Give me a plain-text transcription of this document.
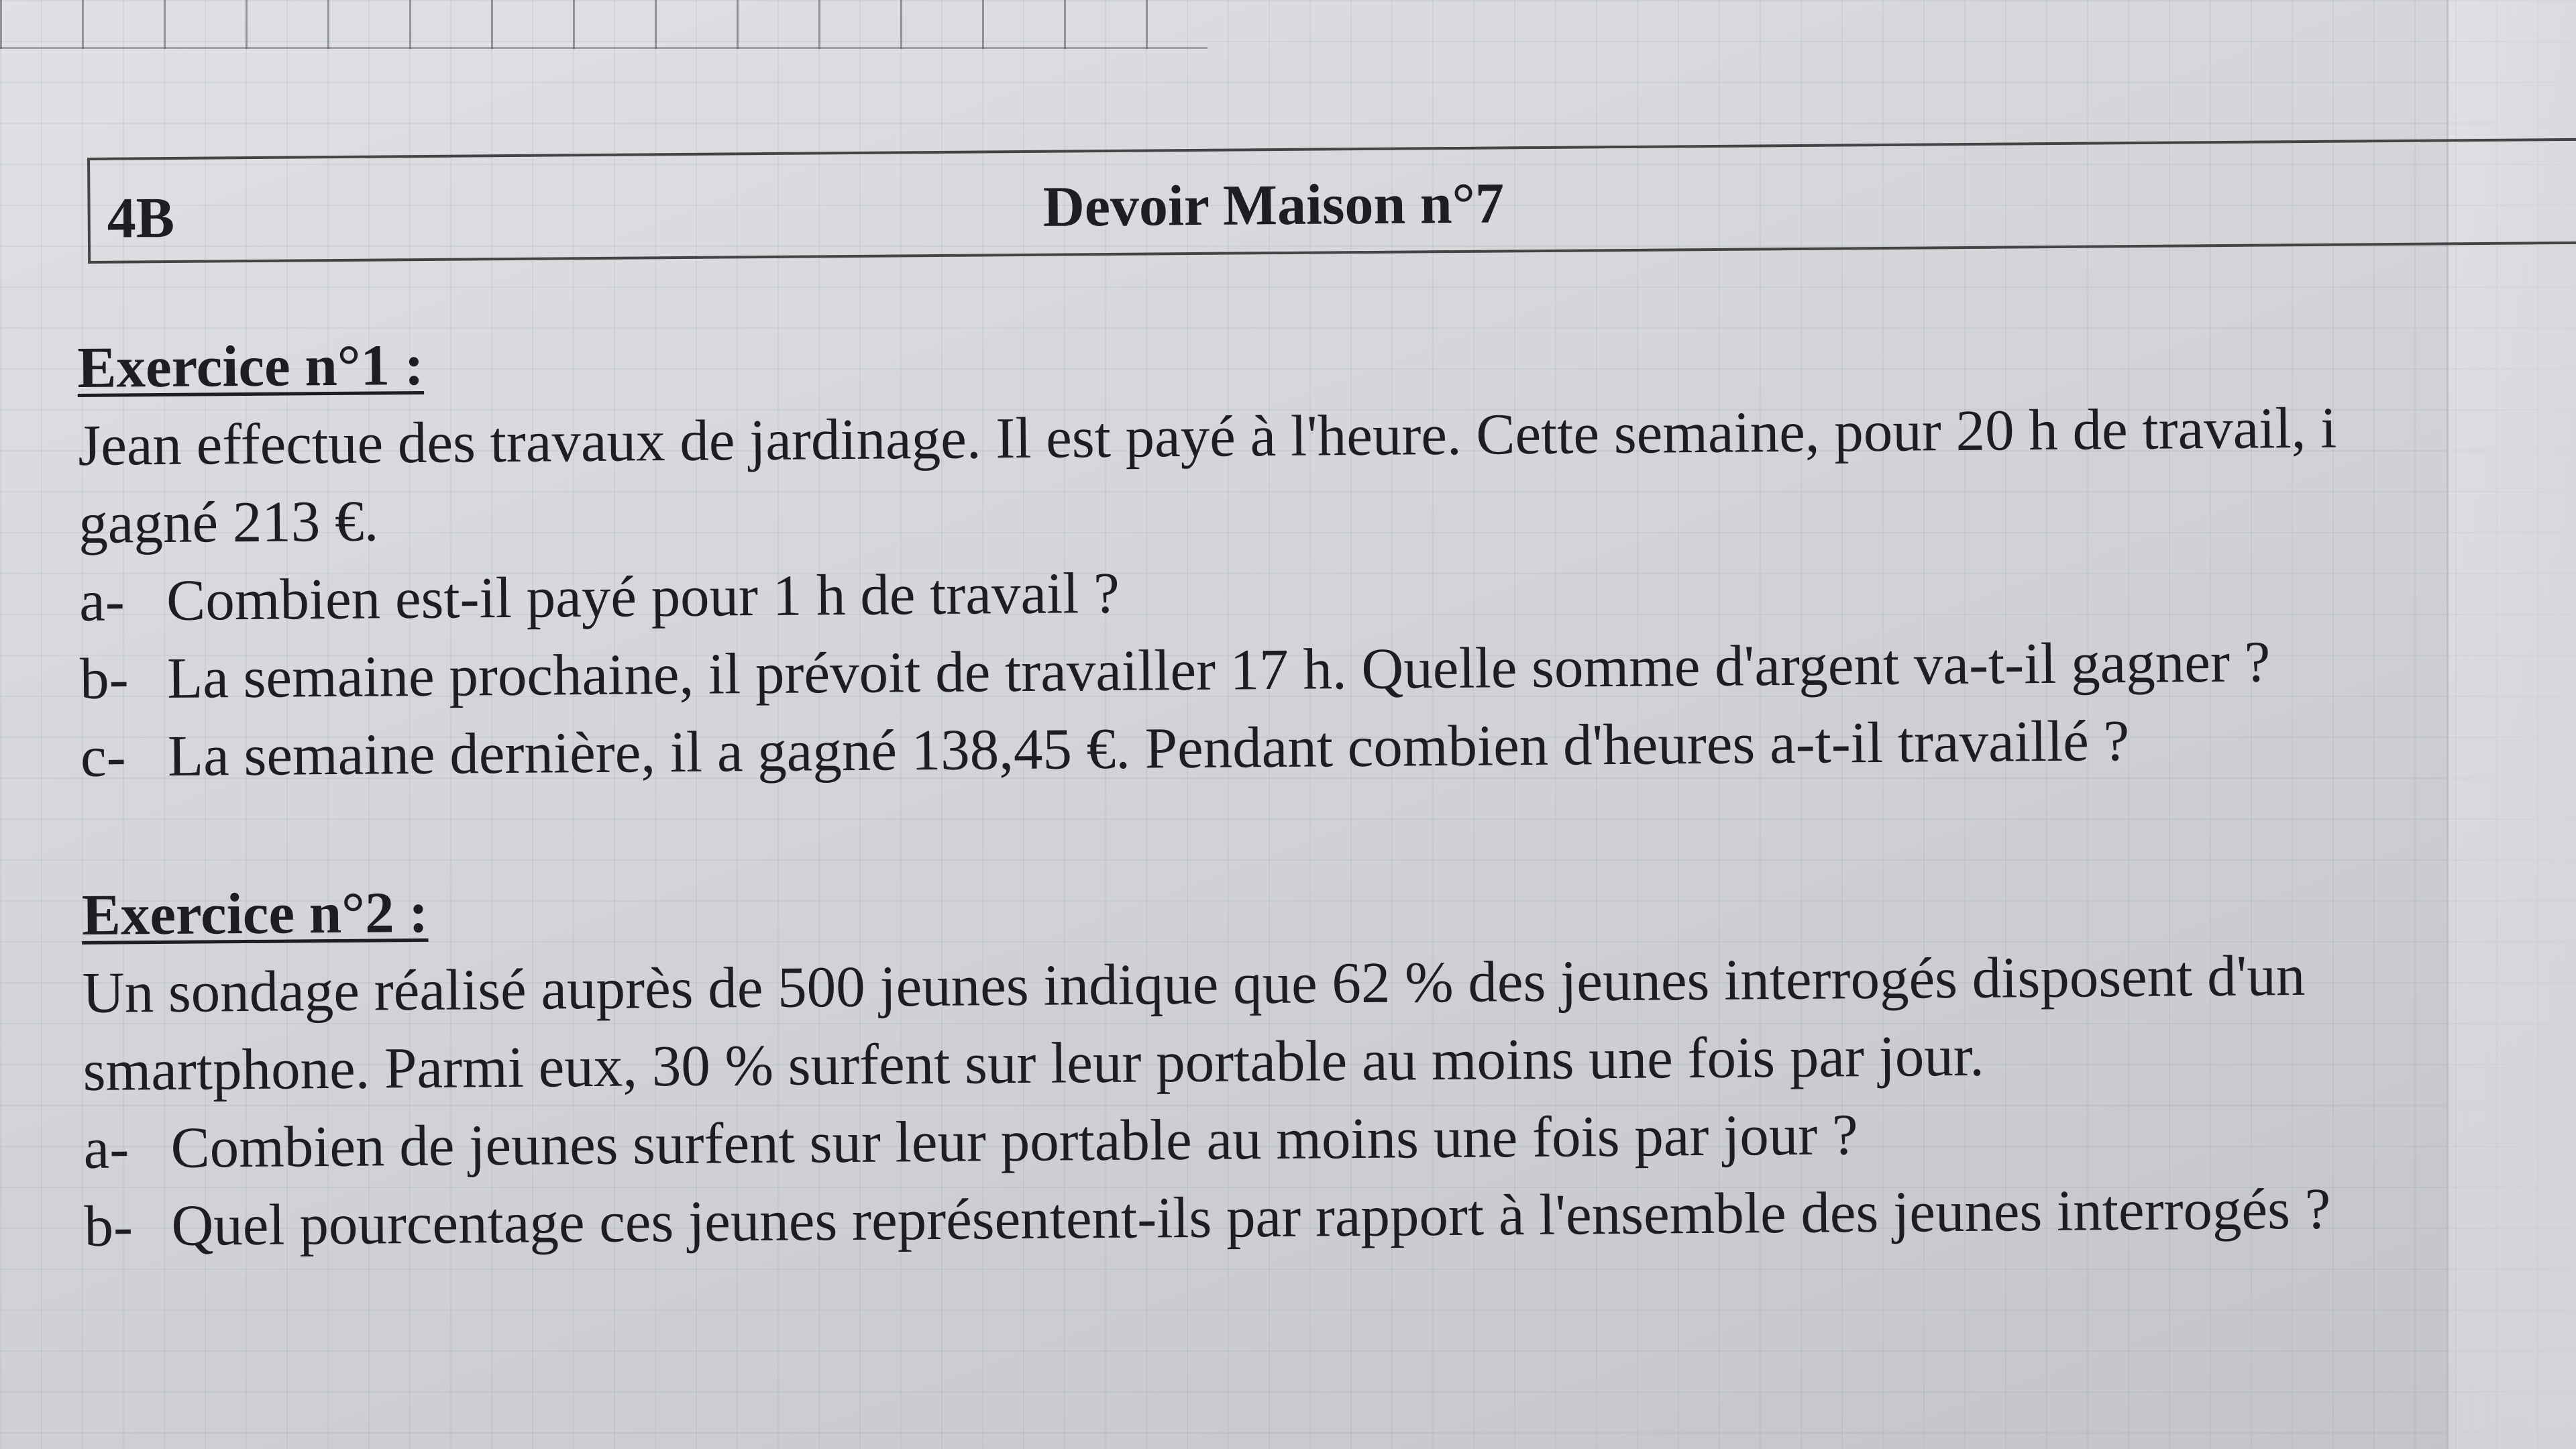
4B	Devoir Maison n°7
Exercice n°1 :
Jean effectue des travaux de jardinage. Il est payé à l'heure. Cette semaine, pour 20 h de travail, i
gagné 213 €.
a- Combien est-il payé pour 1 h de travail ?
b- La semaine prochaine, il prévoit de travailler 17 h. Quelle somme d'argent va-t-il gagner ?
c- La semaine dernière, il a gagné 138,45 €. Pendant combien d'heures a-t-il travaillé ?
Exercice n°2 :
Un sondage réalisé auprès de 500 jeunes indique que 62 % des jeunes interrogés disposent d'un
smartphone. Parmi eux, 30 % surfent sur leur portable au moins une fois par jour.
a- Combien de jeunes surfent sur leur portable au moins une fois par jour ?
b- Quel pourcentage ces jeunes représentent-ils par rapport à l'ensemble des jeunes interrogés ?
